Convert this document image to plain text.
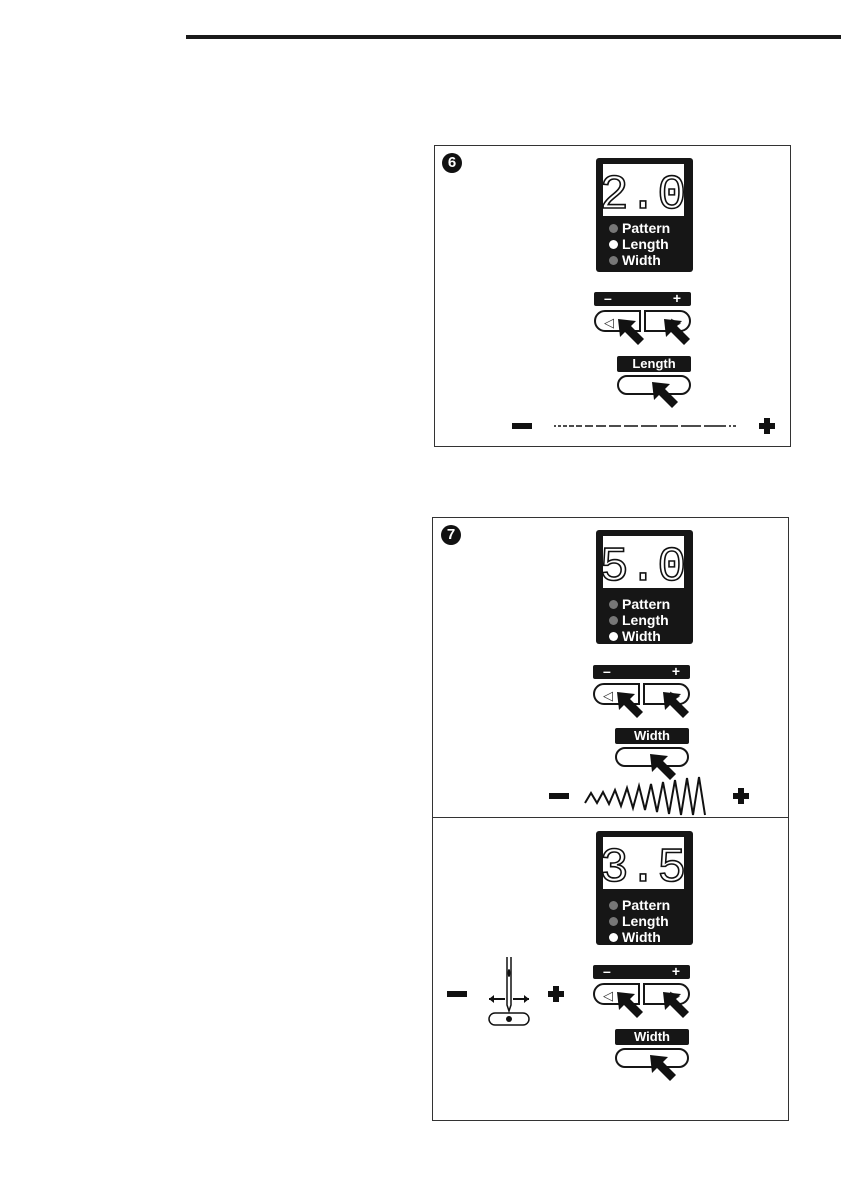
6
2.0
Pattern
Length
Width
–	+
◁
Length
7
5.0
Pattern
Length
Width
–	+
◁
Width
3.5
Pattern
Length
Width
–	+
◁
Width
